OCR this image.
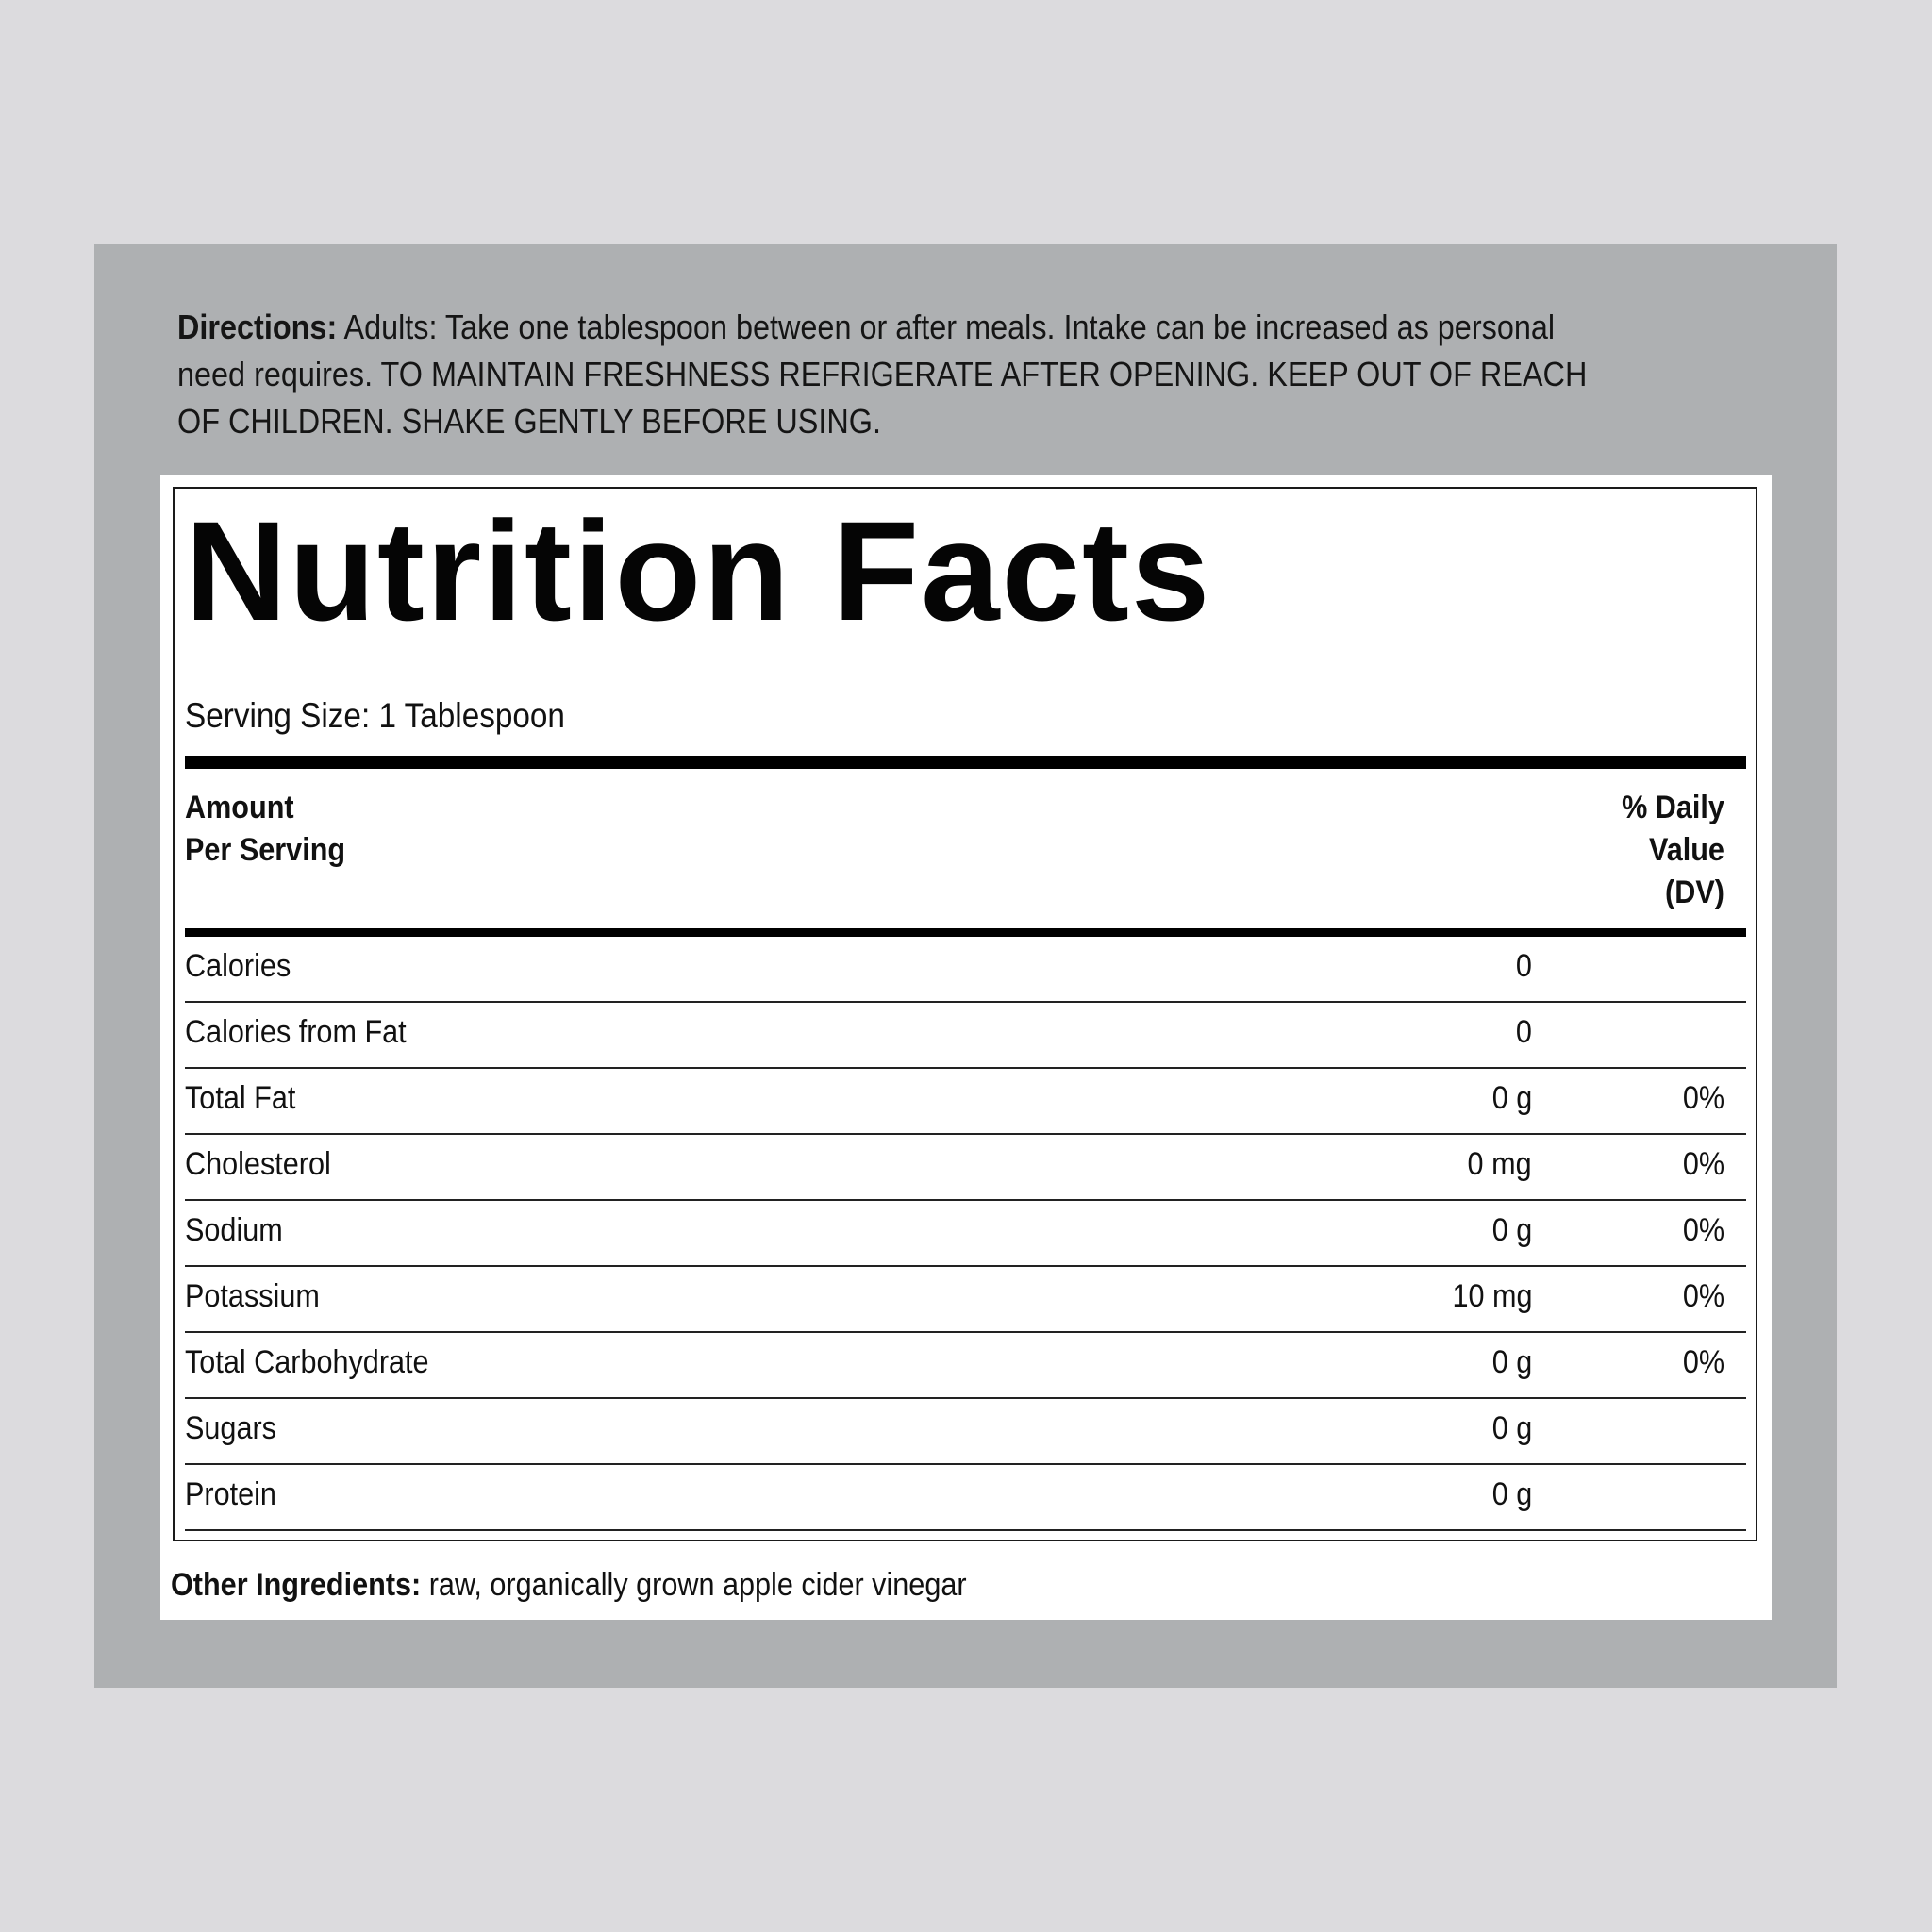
Directions: Adults: Take one tablespoon between or after meals. Intake can be increased as personal need requires. TO MAINTAIN FRESHNESS REFRIGERATE AFTER OPENING. KEEP OUT OF REACH OF CHILDREN. SHAKE GENTLY BEFORE USING.
Nutrition Facts
Serving Size: 1 Tablespoon
Amount
Per Serving
% Daily
Value
(DV)
Calories	0
Calories from Fat	0
Total Fat	0 g	0%
Cholesterol	0 mg	0%
Sodium	0 g	0%
Potassium	10 mg	0%
Total Carbohydrate	0 g	0%
Sugars	0 g
Protein	0 g
Other Ingredients: raw, organically grown apple cider vinegar
